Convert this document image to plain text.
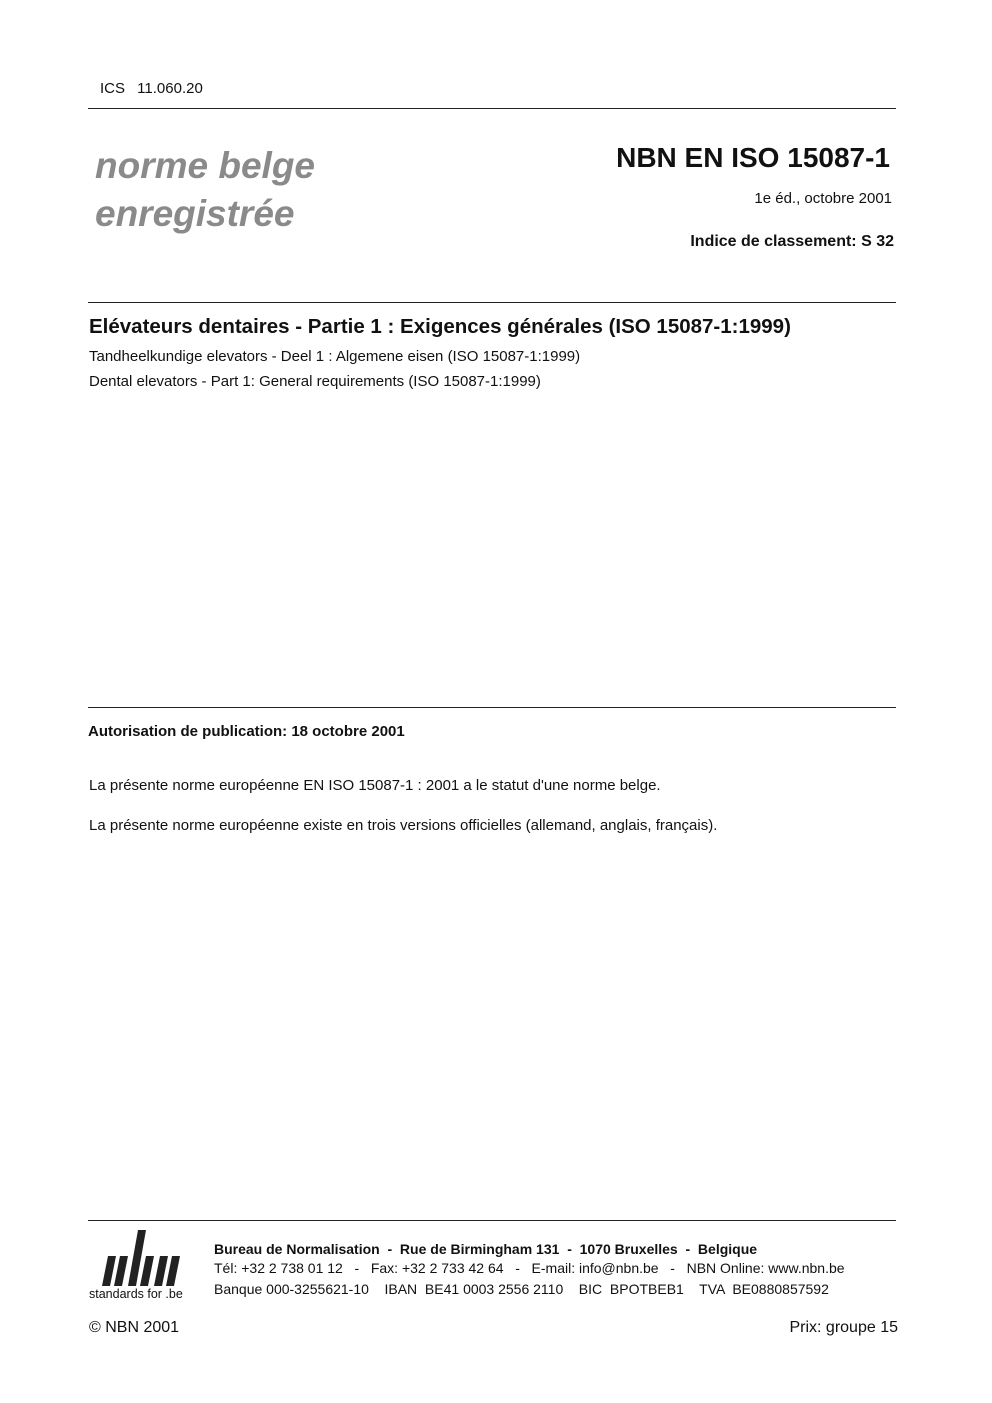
ICS 11.060.20
norme belge
enregistrée
NBN EN ISO 15087-1
1e éd., octobre 2001
Indice de classement: S 32
Elévateurs dentaires - Partie 1 : Exigences générales (ISO 15087-1:1999)
Tandheelkundige elevators - Deel 1 : Algemene eisen (ISO 15087-1:1999)
Dental elevators - Part 1: General requirements (ISO 15087-1:1999)
Autorisation de publication: 18 octobre 2001
La présente norme européenne EN ISO 15087-1 : 2001 a le statut d'une norme belge.
La présente norme européenne existe en trois versions officielles (allemand, anglais, français).
standards for .be
Bureau de Normalisation  -  Rue de Birmingham 131  -  1070 Bruxelles  -  Belgique
Tél: +32 2 738 01 12   -   Fax: +32 2 733 42 64   -   E-mail: info@nbn.be   -   NBN Online: www.nbn.be
Banque 000-3255621-10    IBAN  BE41 0003 2556 2110    BIC  BPOTBEB1    TVA  BE0880857592
© NBN 2001	Prix: groupe 15
